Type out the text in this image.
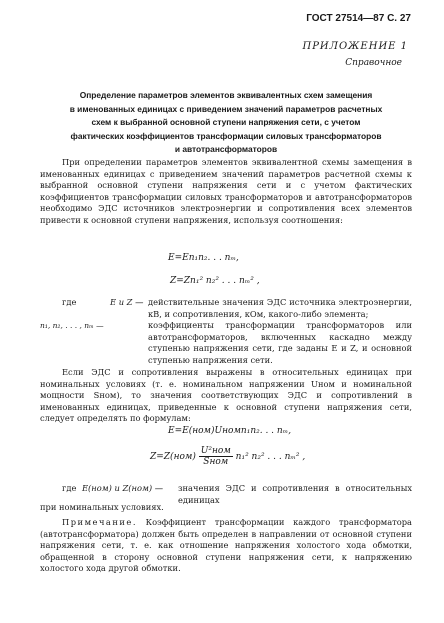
ГОСТ 27514—87 С. 27
ПРИЛОЖЕНИЕ 1
Справочное
Определение параметров элементов эквивалентных схем замещения
в именованных единицах с приведением значений параметров расчетных
схем к выбранной основной ступени напряжения сети, с учетом
фактических коэффициентов трансформации силовых трансформаторов
и автотрансформаторов
При определении параметров элементов эквивалентной схемы замещения в именованных единицах с приведением значений параметров расчетной схемы к выбранной основной ступени напряжения сети и с учетом фактических коэффициентов трансформации силовых трансформаторов и автотрансформаторов необходимо ЭДС источников электроэнергии и сопротивления всех элементов привести к основной ступени напряжения, используя соотношения:
E=En₁n₂. . . nₘ,
Z=Zn₁² n₂² . . . nₘ² ,
где	E и Z — действительные значения ЭДС источника электроэнергии, кВ, и сопротивления, кОм, какого-либо элемента;
n₁, n₂, . . . , nₘ —	коэффициенты трансформации трансформаторов или автотрансформаторов, включенных каскадно между ступенью напряжения сети, где заданы E и Z, и основной ступенью напряжения сети.
Если ЭДС и сопротивления выражены в относительных единицах при номинальных условиях (т. е. номинальном напряжении Uном и номинальной мощности Sном), то значения соответствующих ЭДС и сопротивлений в именованных единицах, приведенные к основной ступени напряжения сети, следует определять по формулам:
E=E(ном)Uномn₁n₂. . . nₘ,
$Z=Z(ном) \frac{\text{U²ном}}{\text{Sном}} n_1^2$ n₂² . . . nₘ² ,
где E(ном) и Z(ном) — значения ЭДС и сопротивления в относительных единицах
при номинальных условиях.
Примечание. Коэффициент трансформации каждого трансформатора (автотрансформатора) должен быть определен в направлении от основной ступени напряжения сети, т. е. как отношение напряжения холостого хода обмотки, обращенной в сторону основной ступени напряжения сети, к напряжению холостого хода другой обмотки.
